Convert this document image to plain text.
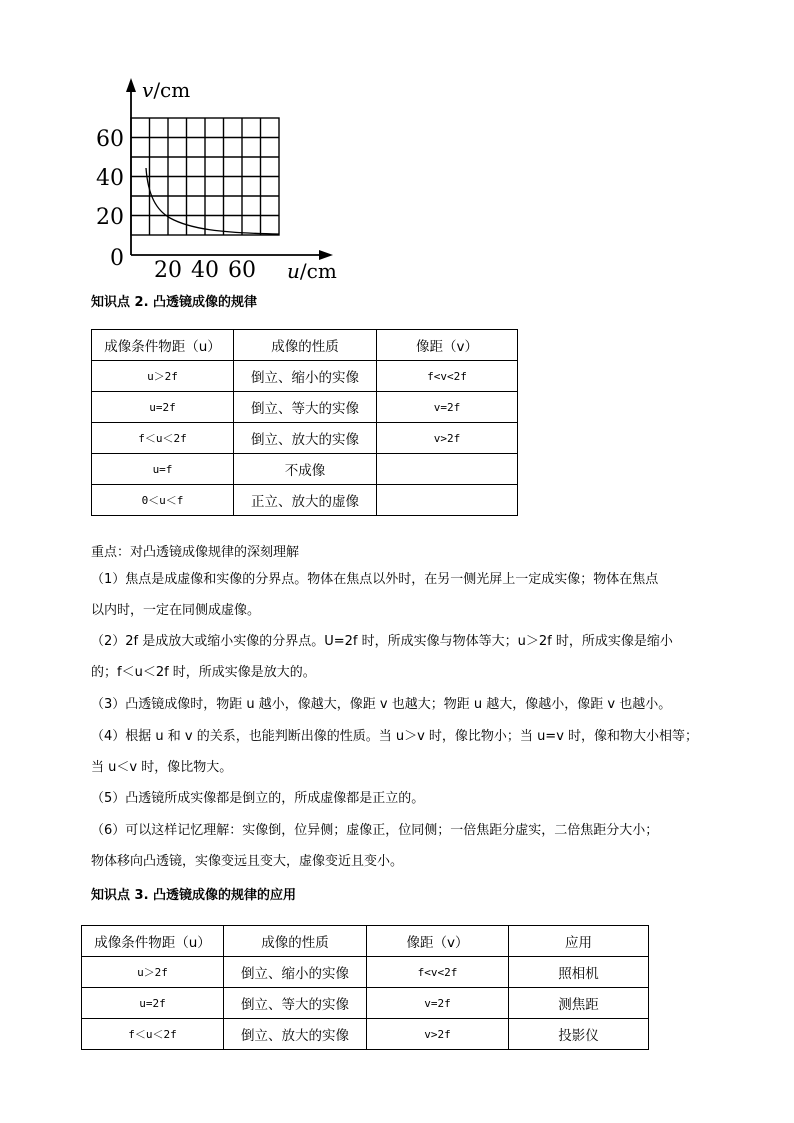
v/cm
60
40
20
0 20 40 60 u/cm
知识点 2. 凸透镜成像的规律
成像条件物距（u）	成像的性质	像距（v）
u＞2f	倒立、缩小的实像	f<v<2f
u=2f	倒立、等大的实像	v=2f
f＜u＜2f	倒立、放大的实像	v>2f
u=f	不成像	
0＜u＜f	正立、放大的虚像	
重点：对凸透镜成像规律的深刻理解
（1）焦点是成虚像和实像的分界点。物体在焦点以外时，在另一侧光屏上一定成实像；物体在焦点
以内时，一定在同侧成虚像。
（2）2f 是成放大或缩小实像的分界点。U=2f 时，所成实像与物体等大；u＞2f 时，所成实像是缩小
的；f＜u＜2f 时，所成实像是放大的。
（3）凸透镜成像时，物距 u 越小，像越大，像距 v 也越大；物距 u 越大，像越小，像距 v 也越小。
（4）根据 u 和 v 的关系，也能判断出像的性质。当 u＞v 时，像比物小；当 u=v 时，像和物大小相等；
当 u＜v 时，像比物大。
（5）凸透镜所成实像都是倒立的，所成虚像都是正立的。
（6）可以这样记忆理解：实像倒，位异侧；虚像正，位同侧；一倍焦距分虚实，二倍焦距分大小；
物体移向凸透镜，实像变远且变大，虚像变近且变小。
知识点 3. 凸透镜成像的规律的应用
成像条件物距（u）	成像的性质	像距（v）	应用
u＞2f	倒立、缩小的实像	f<v<2f	照相机
u=2f	倒立、等大的实像	v=2f	测焦距
f＜u＜2f	倒立、放大的实像	v>2f	投影仪
